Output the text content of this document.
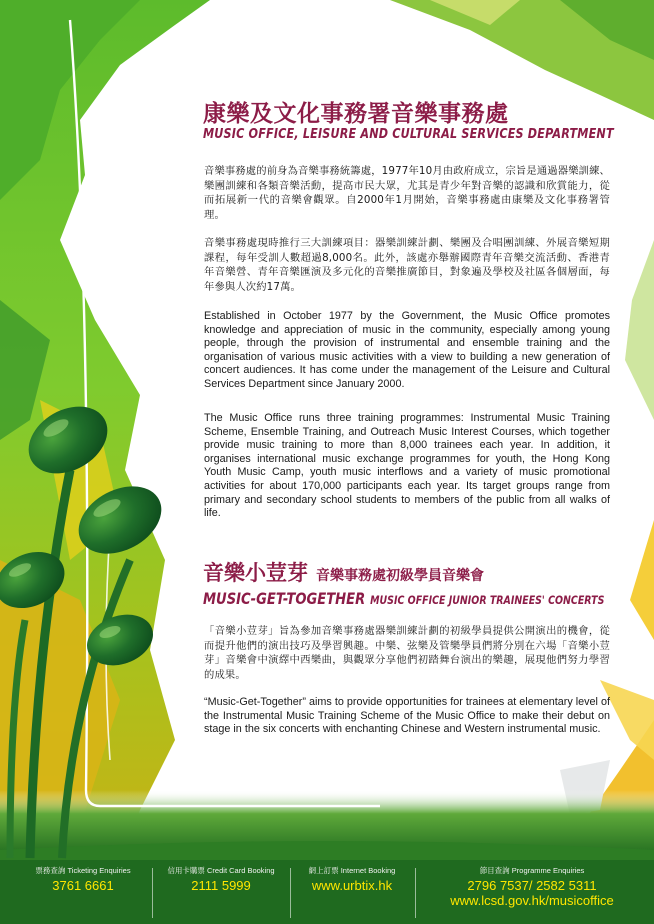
康樂及文化事務署音樂事務處
MUSIC OFFICE, LEISURE AND CULTURAL SERVICES DEPARTMENT

音樂事務處的前身為音樂事務統籌處，1977年10月由政府成立，宗旨是通過器樂訓練、樂團訓練和各類音樂活動，提高市民大眾，尤其是青少年對音樂的認識和欣賞能力，從而拓展新一代的音樂會觀眾。自2000年1月開始，音樂事務處由康樂及文化事務署管理。

音樂事務處現時推行三大訓練項目：器樂訓練計劃、樂團及合唱團訓練、外展音樂短期課程，每年受訓人數超過8,000名。此外，該處亦舉辦國際青年音樂交流活動、香港青年音樂營、青年音樂匯演及多元化的音樂推廣節目，對象遍及學校及社區各個層面，每年參與人次約17萬。

Established in October 1977 by the Government, the Music Office promotes knowledge and appreciation of music in the community, especially among young people, through the provision of instrumental and ensemble training and the organisation of various music activities with a view to building a new generation of concert audiences. It has come under the management of the Leisure and Cultural Services Department since January 2000.

The Music Office runs three training programmes: Instrumental Music Training Scheme, Ensemble Training, and Outreach Music Interest Courses, which together provide music training to more than 8,000 trainees each year. In addition, it organises international music exchange programmes for youth, the Hong Kong Youth Music Camp, youth music interflows and a variety of music promotional activities for about 170,000 participants each year. Its target groups range from primary and secondary school students to members of the public from all walks of life.

音樂小荳芽 音樂事務處初級學員音樂會
MUSIC-GET-TOGETHER MUSIC OFFICE JUNIOR TRAINEES' CONCERTS

「音樂小荳芽」旨為參加音樂事務處器樂訓練計劃的初級學員提供公開演出的機會，從而提升他們的演出技巧及學習興趣。中樂、弦樂及管樂學員們將分別在六場「音樂小荳芽」音樂會中演繹中西樂曲，與觀眾分享他們初踏舞台演出的樂趣，展現他們努力學習的成果。

“Music-Get-Together” aims to provide opportunities for trainees at elementary level of the Instrumental Music Training Scheme of the Music Office to make their debut on stage in the six concerts with enchanting Chinese and Western instrumental music.

票務查詢 Ticketing Enquiries
3761 6661
信用卡購票 Credit Card Booking
2111 5999
網上訂票 Internet Booking
www.urbtix.hk
節目查詢 Programme Enquiries
2796 7537/ 2582 5311
www.lcsd.gov.hk/musicoffice
